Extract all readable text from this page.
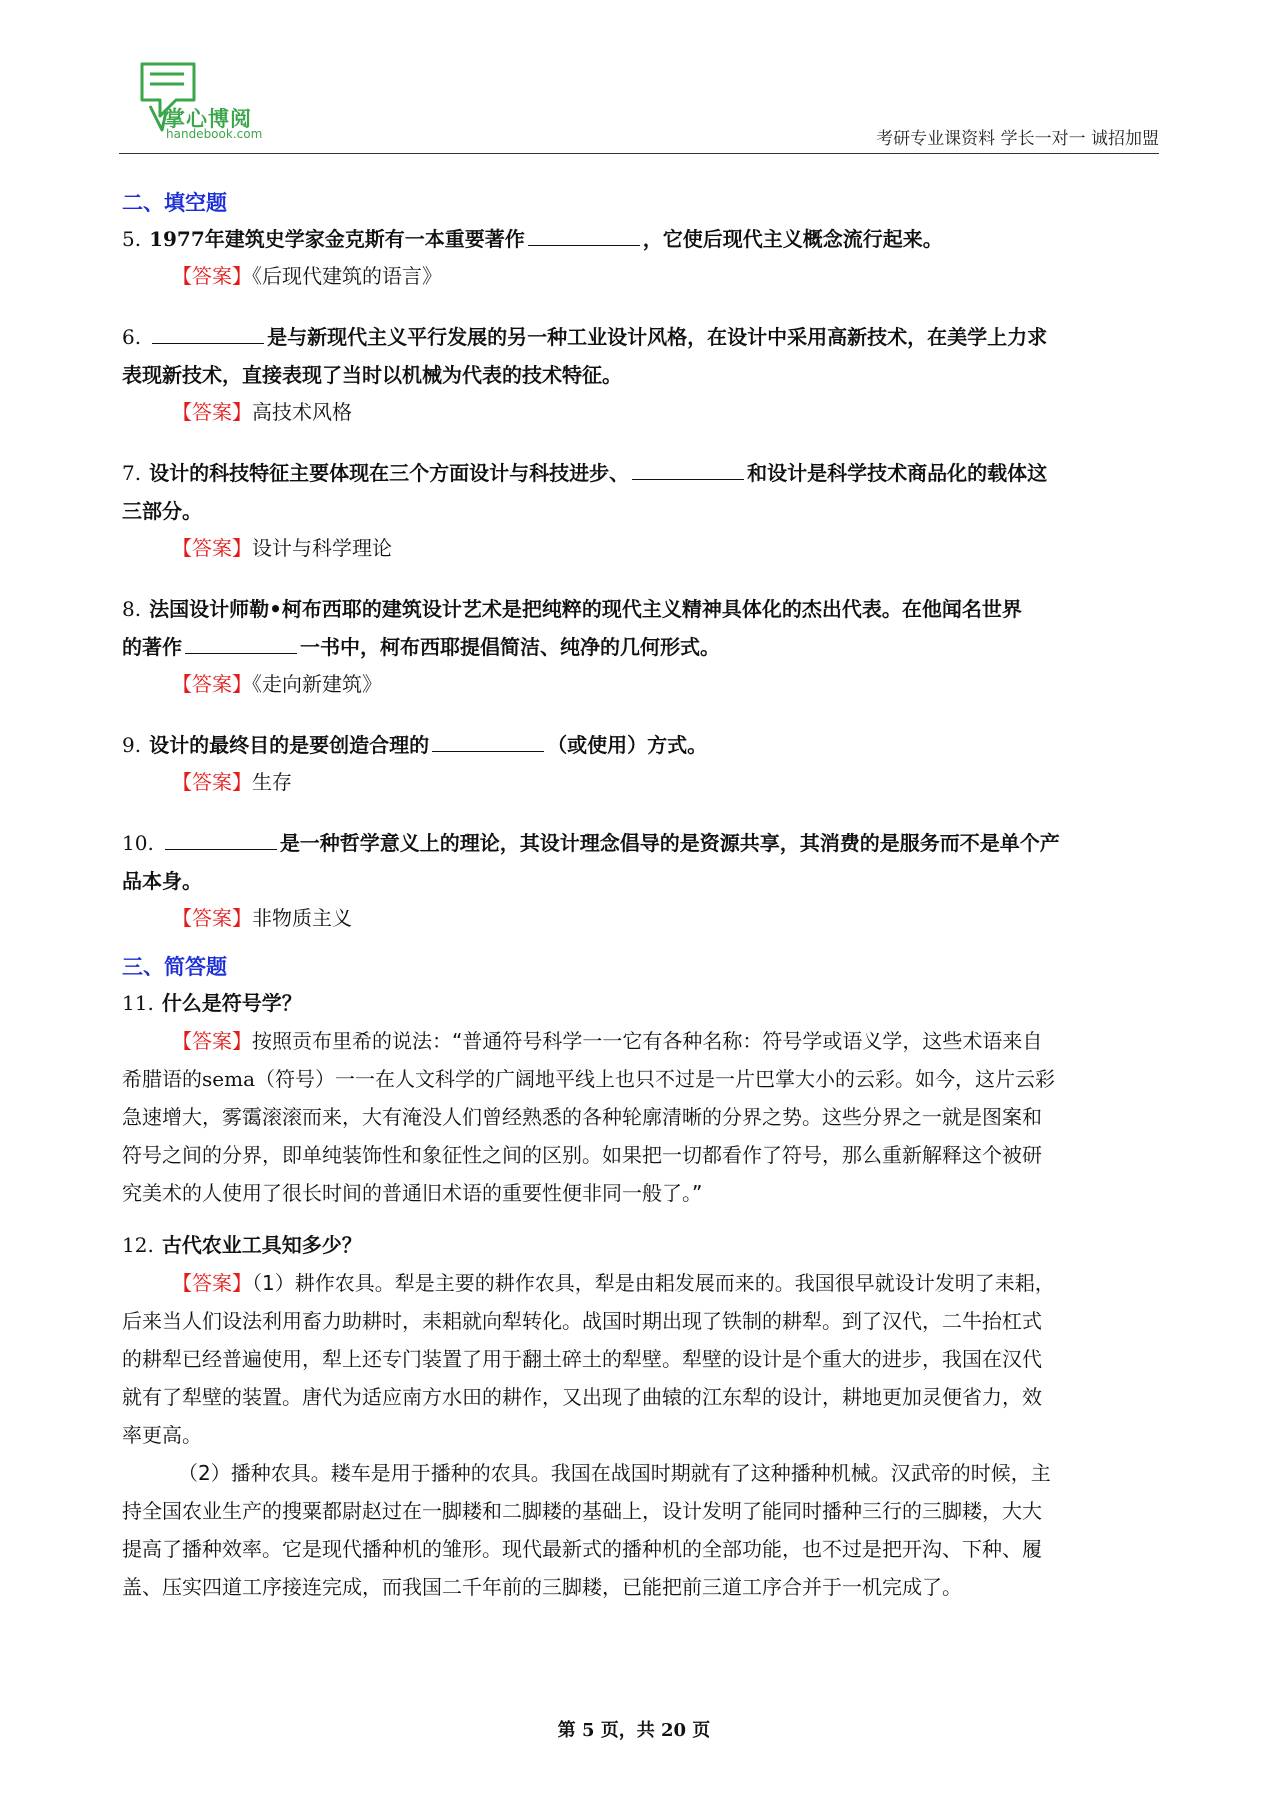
掌心博阅
handebook.com	考研专业课资料 学长一对一 诚招加盟
二、填空题

5. 1977年建筑史学家金克斯有一本重要著作	，它使后现代主义概念流行起来。

【答案】《后现代建筑的语言》

6.	是与新现代主义平行发展的另一种工业设计风格，在设计中采用高新技术，在美学上力求

表现新技术，直接表现了当时以机械为代表的技术特征。

【答案】高技术风格

7. 设计的科技特征主要体现在三个方面设计与科技进步、	和设计是科学技术商品化的载体这

三部分。

【答案】设计与科学理论

8. 法国设计师勒•柯布西耶的建筑设计艺术是把纯粹的现代主义精神具体化的杰出代表。在他闻名世界

的著作	一书中，柯布西耶提倡简洁、纯净的几何形式。

【答案】《走向新建筑》

9. 设计的最终目的是要创造合理的	（或使用）方式。

【答案】生存

10.	是一种哲学意义上的理论，其设计理念倡导的是资源共享，其消费的是服务而不是单个产

品本身。

【答案】非物质主义

三、简答题

11. 什么是符号学？

【答案】按照贡布里希的说法：“普通符号科学一一它有各种名称：符号学或语义学，这些术语来自

希腊语的sema（符号）一一在人文科学的广阔地平线上也只不过是一片巴掌大小的云彩。如今，这片云彩

急速增大，雾霭滚滚而来，大有淹没人们曾经熟悉的各种轮廓清晰的分界之势。这些分界之一就是图案和

符号之间的分界，即单纯装饰性和象征性之间的区别。如果把一切都看作了符号，那么重新解释这个被研

究美术的人使用了很长时间的普通旧术语的重要性便非同一般了。”

12. 古代农业工具知多少？

【答案】（1）耕作农具。犁是主要的耕作农具，犁是由耜发展而来的。我国很早就设计发明了耒耜，

后来当人们设法利用畜力助耕时，耒耜就向犁转化。战国时期出现了铁制的耕犁。到了汉代，二牛抬杠式

的耕犁已经普遍使用，犁上还专门装置了用于翻土碎土的犁壁。犁壁的设计是个重大的进步，我国在汉代

就有了犁壁的装置。唐代为适应南方水田的耕作，又出现了曲辕的江东犁的设计，耕地更加灵便省力，效

率更高。

（2）播种农具。耧车是用于播种的农具。我国在战国时期就有了这种播种机械。汉武帝的时候，主

持全国农业生产的搜粟都尉赵过在一脚耧和二脚耧的基础上，设计发明了能同时播种三行的三脚耧，大大

提高了播种效率。它是现代播种机的雏形。现代最新式的播种机的全部功能，也不过是把开沟、下种、履

盖、压实四道工序接连完成，而我国二千年前的三脚耧，已能把前三道工序合并于一机完成了。

第 5 页，共 20 页
